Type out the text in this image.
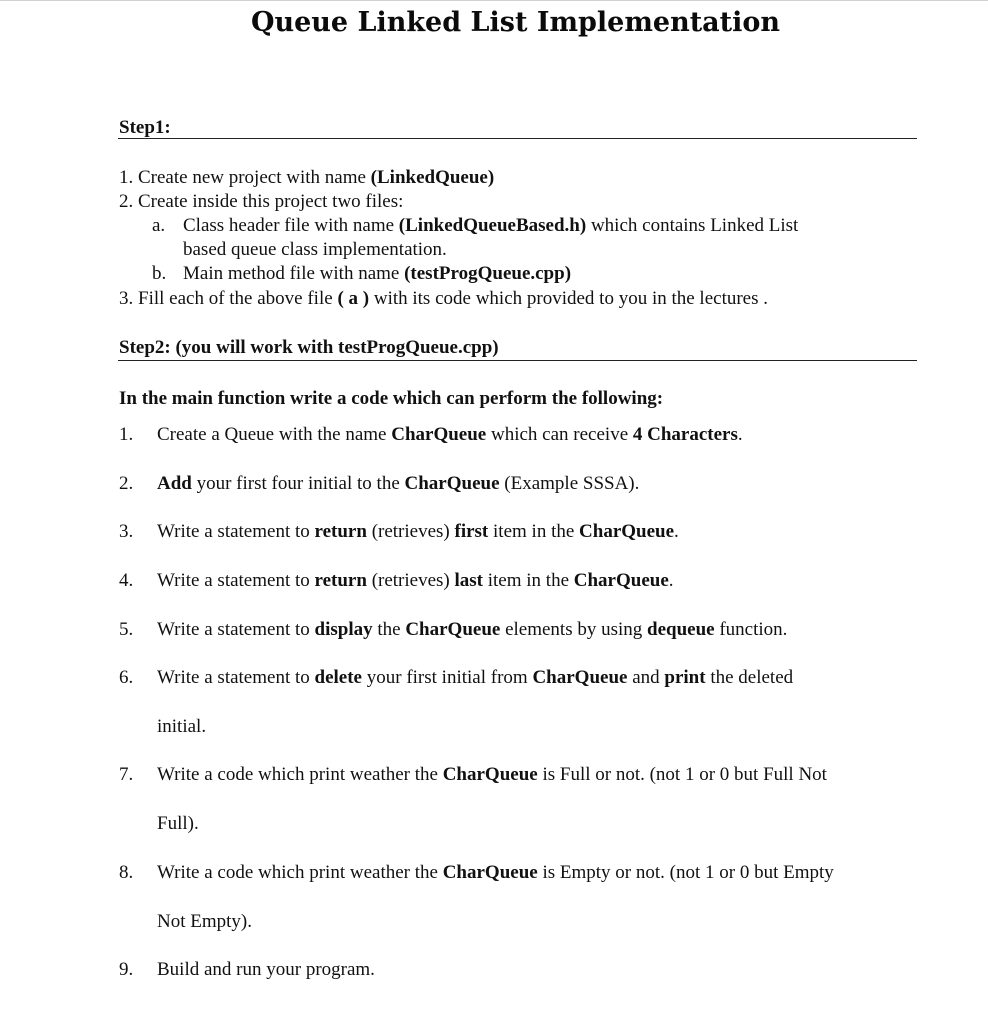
Queue Linked List Implementation
Step1:
1. Create new project with name (LinkedQueue)
2. Create inside this project two files:
a. Class header file with name (LinkedQueueBased.h) which contains Linked List
based queue class implementation.
b. Main method file with name (testProgQueue.cpp)
3. Fill each of the above file ( a ) with its code which provided to you in the lectures .
Step2: (you will work with testProgQueue.cpp)
In the main function write a code which can perform the following:
1. Create a Queue with the name CharQueue which can receive 4 Characters.
2. Add your first four initial to the CharQueue (Example SSSA).
3. Write a statement to return (retrieves) first item in the CharQueue.
4. Write a statement to return (retrieves) last item in the CharQueue.
5. Write a statement to display the CharQueue elements by using dequeue function.
6. Write a statement to delete your first initial from CharQueue and print the deleted
initial.
7. Write a code which print weather the CharQueue is Full or not. (not 1 or 0 but Full Not
Full).
8. Write a code which print weather the CharQueue is Empty or not. (not 1 or 0 but Empty
Not Empty).
9. Build and run your program.
